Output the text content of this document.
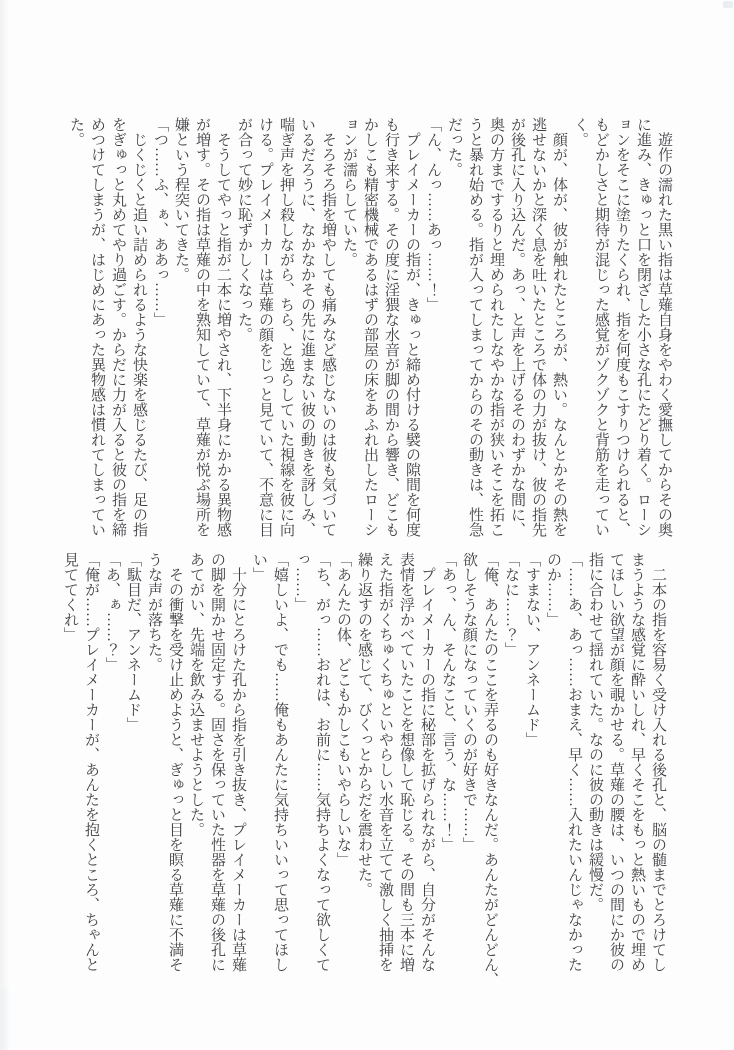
　遊作の濡れた黒い指は草薙自身をやわく愛撫してからその奥
に進み、きゅっと口を閉ざした小さな孔にたどり着く。ローシ
ョンをそこに塗りたくられ、指を何度もこすりつけられると、
もどかしさと期待が混じった感覚がゾクゾクと背筋を走ってい
く。
　顔が、体が、彼が触れたところが、熱い。なんとかその熱を
逃せないかと深く息を吐いたところで体の力が抜け、彼の指先
が後孔に入り込んだ。あっ、と声を上げるそのわずかな間に、
奥の方までするりと埋められたしなやかな指が狭いそこを拓こ
うと暴れ始める。指が入ってしまってからのその動きは、性急
だった。
「ん、んっ……あっ……！」
　プレイメーカーの指が、きゅっと締め付ける襞の隙間を何度
も行き来する。その度に淫猥な水音が脚の間から響き、どこも
かしこも精密機械であるはずの部屋の床をあふれ出したローシ
ョンが濡らしていた。
　そろそろ指を増やしても痛みなど感じないのは彼も気づいて
いるだろうに、なかなかその先に進まない彼の動きを訝しみ、
喘ぎ声を押し殺しながら、ちら、と逸らしていた視線を彼に向
ける。プレイメーカーは草薙の顔をじっと見ていて、不意に目
が合って妙に恥ずかしくなった。
　そうしてやっと指が二本に増やされ、下半身にかかる異物感
が増す。その指は草薙の中を熟知していて、草薙が悦ぶ場所を
嫌という程突いてきた。
「つ……ふ、ぁ、ああっ……」
　じくじくと追い詰められるような快楽を感じるたび、足の指
をぎゅっと丸めてやり過ごす。からだに力が入ると彼の指を締
めつけてしまうが、はじめにあった異物感は慣れてしまってい
た。
　二本の指を容易く受け入れる後孔と、脳の髄までとろけてし
まうような感覚に酔いしれ、早くそこをもっと熱いもので埋め
てほしい欲望が顔を覗かせる。草薙の腰は、いつの間にか彼の
指に合わせて揺れていた。なのに彼の動きは緩慢だ。
「……あ、あっ……おまえ、早く……入れたいんじゃなかった
のか……」
「すまない、アンネームド」
「なに……？」
「俺、あんたのここを弄るのも好きなんだ。あんたがどんどん、
欲しそうな顔になっていくのが好きで……」
「あっ、ん、そんなこと、言う、な……！」
　プレイメーカーの指に秘部を拡げられながら、自分がそんな
表情を浮かべていたことを想像して恥じる。その間も三本に増
えた指がくちゅくちゅといやらしい水音を立てて激しく抽挿を
繰り返すのを感じて、びくっとからだを震わせた。
「あんたの体、どこもかしこもいやらしいな」
「ち、がっ……おれは、お前に……気持ちよくなって欲しくて
っ……」
「嬉しいよ、でも……俺もあんたに気持ちいいって思ってほし
い」
　十分にとろけた孔から指を引き抜き、プレイメーカーは草薙
の脚を開かせ固定する。固さを保っていた性器を草薙の後孔に
あてがい、先端を飲み込ませようとした。
　その衝撃を受け止めようと、ぎゅっと目を瞑る草薙に不満そ
うな声が落ちた。
「駄目だ、アンネームド」
「あ、ぁ……？」
「俺が……プレイメーカーが、あんたを抱くところ、ちゃんと
見ててくれ」
